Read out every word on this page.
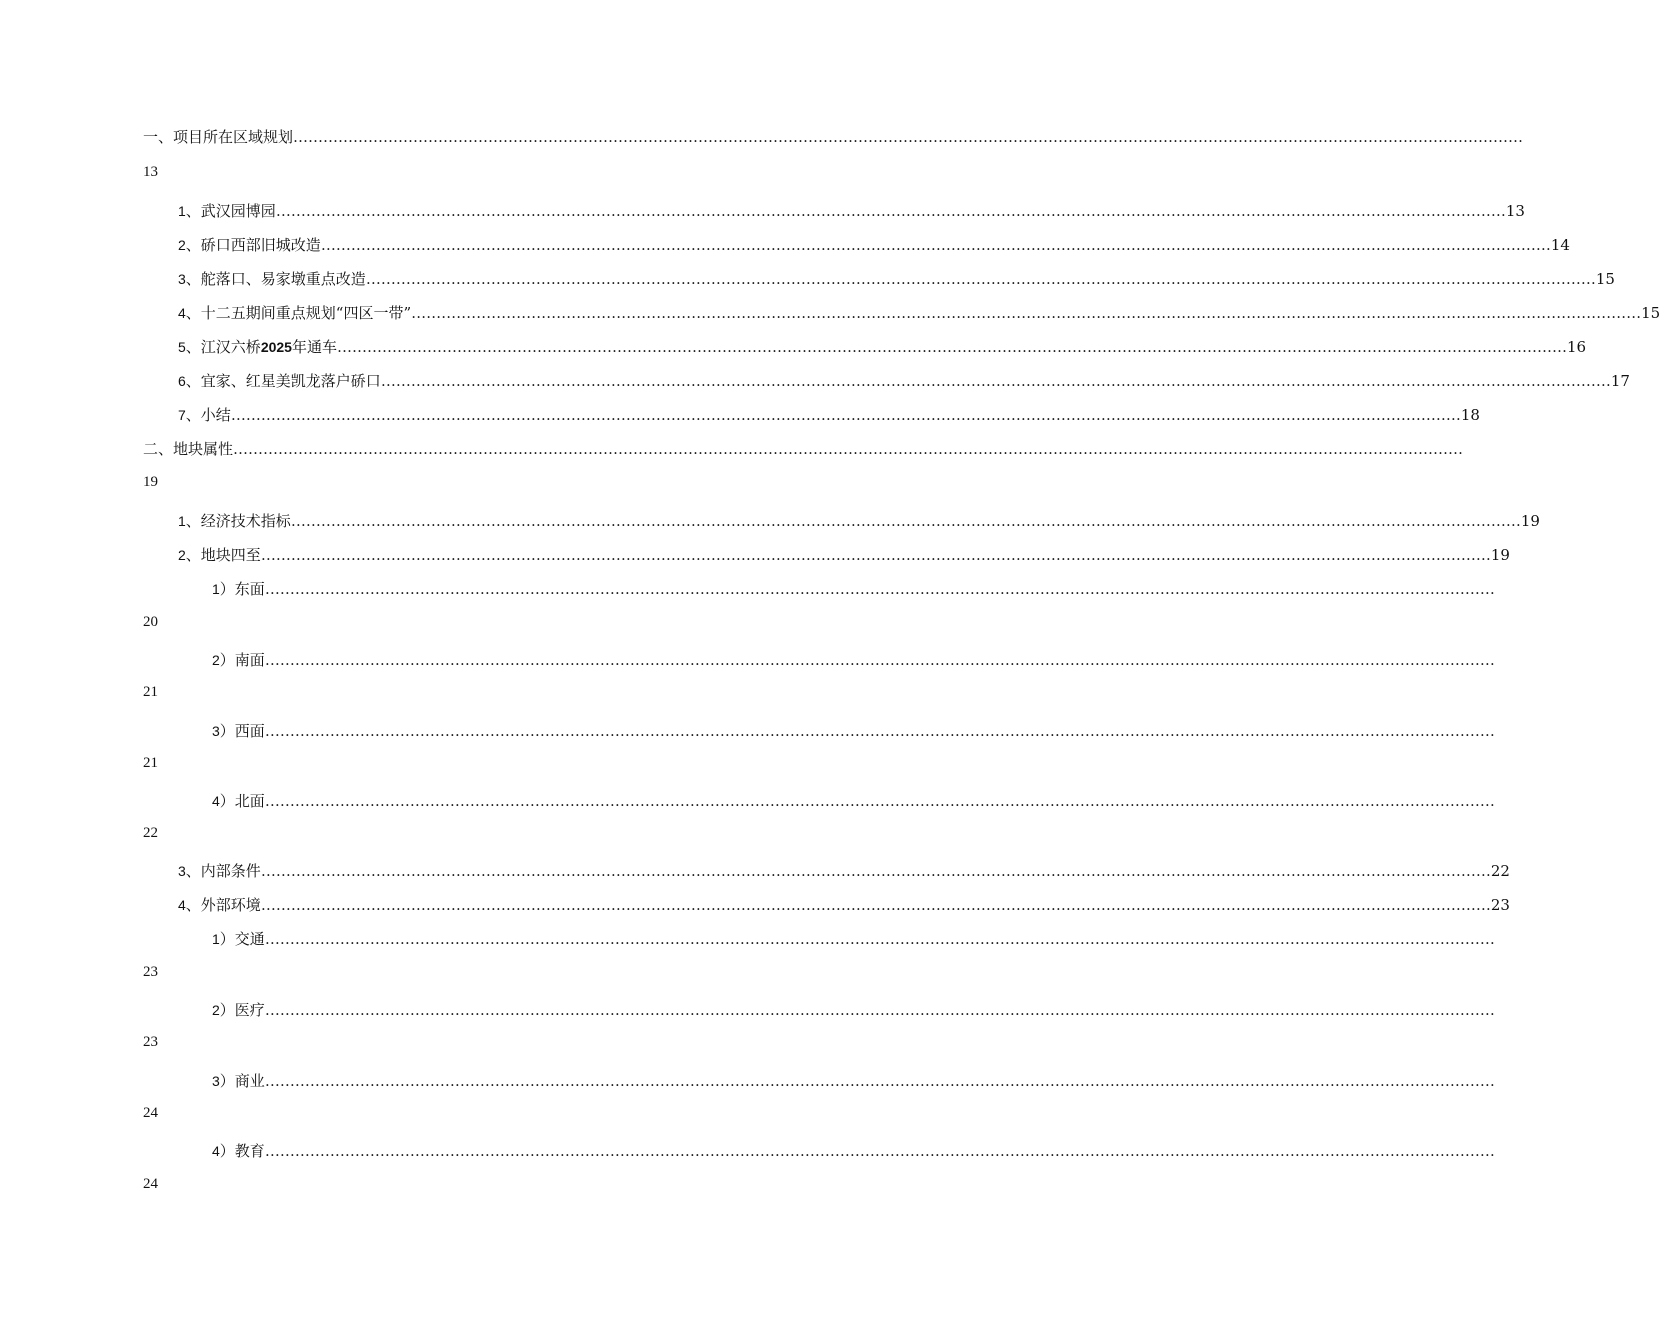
一、项目所在区域规划 …………………………………………………………………………………………………………………………………………………………………………………………………………………………
13
1、武汉园博园 ………………………………………………………………………………………………………………………………………………………………………………………………………………………… 13
2、硚口西部旧城改造 ………………………………………………………………………………………………………………………………………………………………………………………………………………………… 14
3、舵落口、易家墩重点改造 ………………………………………………………………………………………………………………………………………………………………………………………………………………………… 15
4、十二五期间重点规划“四区一带” ………………………………………………………………………………………………………………………………………………………………………………………………………………………… 15
5、江汉六桥2025年通车 ………………………………………………………………………………………………………………………………………………………………………………………………………………………… 16
6、宜家、红星美凯龙落户硚口 ………………………………………………………………………………………………………………………………………………………………………………………………………………………… 17
7、小结 ………………………………………………………………………………………………………………………………………………………………………………………………………………………… 18
二、地块属性 …………………………………………………………………………………………………………………………………………………………………………………………………………………………
19
1、经济技术指标 ………………………………………………………………………………………………………………………………………………………………………………………………………………………… 19
2、地块四至 ………………………………………………………………………………………………………………………………………………………………………………………………………………………… 19
1）东面 …………………………………………………………………………………………………………………………………………………………………………………………………………………………
20
2）南面 …………………………………………………………………………………………………………………………………………………………………………………………………………………………
21
3）西面 …………………………………………………………………………………………………………………………………………………………………………………………………………………………
21
4）北面 …………………………………………………………………………………………………………………………………………………………………………………………………………………………
22
3、内部条件 ………………………………………………………………………………………………………………………………………………………………………………………………………………………… 22
4、外部环境 ………………………………………………………………………………………………………………………………………………………………………………………………………………………… 23
1）交通 …………………………………………………………………………………………………………………………………………………………………………………………………………………………
23
2）医疗 …………………………………………………………………………………………………………………………………………………………………………………………………………………………
23
3）商业 …………………………………………………………………………………………………………………………………………………………………………………………………………………………
24
4）教育 …………………………………………………………………………………………………………………………………………………………………………………………………………………………
24
